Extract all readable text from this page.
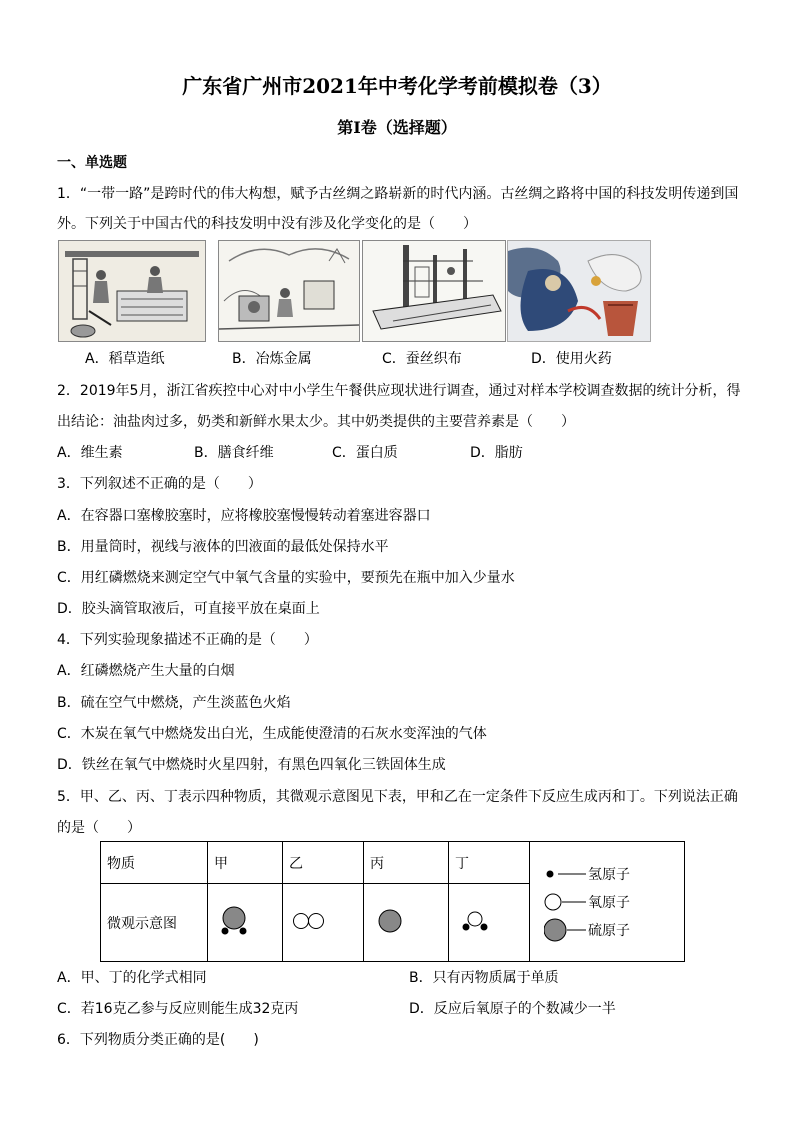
广东省广州市2021年中考化学考前模拟卷（3）
第I卷（选择题）
一、单选题
1．“一带一路”是跨时代的伟大构想，赋予古丝绸之路崭新的时代内涵。古丝绸之路将中国的科技发明传递到国
外。下列关于中国古代的科技发明中没有涉及化学变化的是（　　）
A．稻草造纸	B．冶炼金属	C．蚕丝织布	D．使用火药
2．2019年5月，浙江省疾控中心对中小学生午餐供应现状进行调查，通过对样本学校调查数据的统计分析，得
出结论：油盐肉过多，奶类和新鲜水果太少。其中奶类提供的主要营养素是（　　）
A．维生素	B．膳食纤维	C．蛋白质	D．脂肪
3．下列叙述不正确的是（　　）
A．在容器口塞橡胶塞时，应将橡胶塞慢慢转动着塞进容器口
B．用量筒时，视线与液体的凹液面的最低处保持水平
C．用红磷燃烧来测定空气中氧气含量的实验中，要预先在瓶中加入少量水
D．胶头滴管取液后，可直接平放在桌面上
4．下列实验现象描述不正确的是（　　）
A．红磷燃烧产生大量的白烟
B．硫在空气中燃烧，产生淡蓝色火焰
C．木炭在氧气中燃烧发出白光，生成能使澄清的石灰水变浑浊的气体
D．铁丝在氧气中燃烧时火星四射，有黑色四氧化三铁固体生成
5．甲、乙、丙、丁表示四种物质，其微观示意图见下表，甲和乙在一定条件下反应生成丙和丁。下列说法正确
的是（　　）
物质	甲	乙	丙	丁	氢原子
氧原子
硫原子

微观示意图				
A．甲、丁的化学式相同	B．只有丙物质属于单质
C．若16克乙参与反应则能生成32克丙	D．反应后氧原子的个数减少一半
6．下列物质分类正确的是(　　)
